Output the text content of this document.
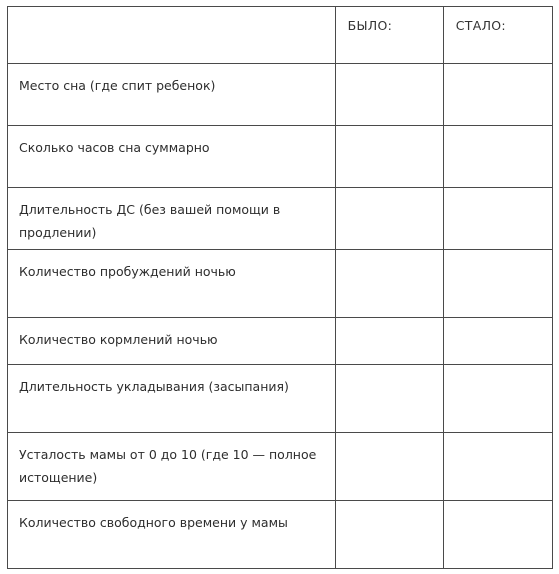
	БЫЛО:	СТАЛО:

Место сна (где спит ребенок)		

Сколько часов сна суммарно		

Длительность ДС (без вашей помощи в продлении)		

Количество пробуждений ночью		

Количество кормлений ночью		

Длительность укладывания (засыпания)		

Усталость мамы от 0 до 10 (где 10 — полное истощение)		

Количество свободного времени у мамы		
